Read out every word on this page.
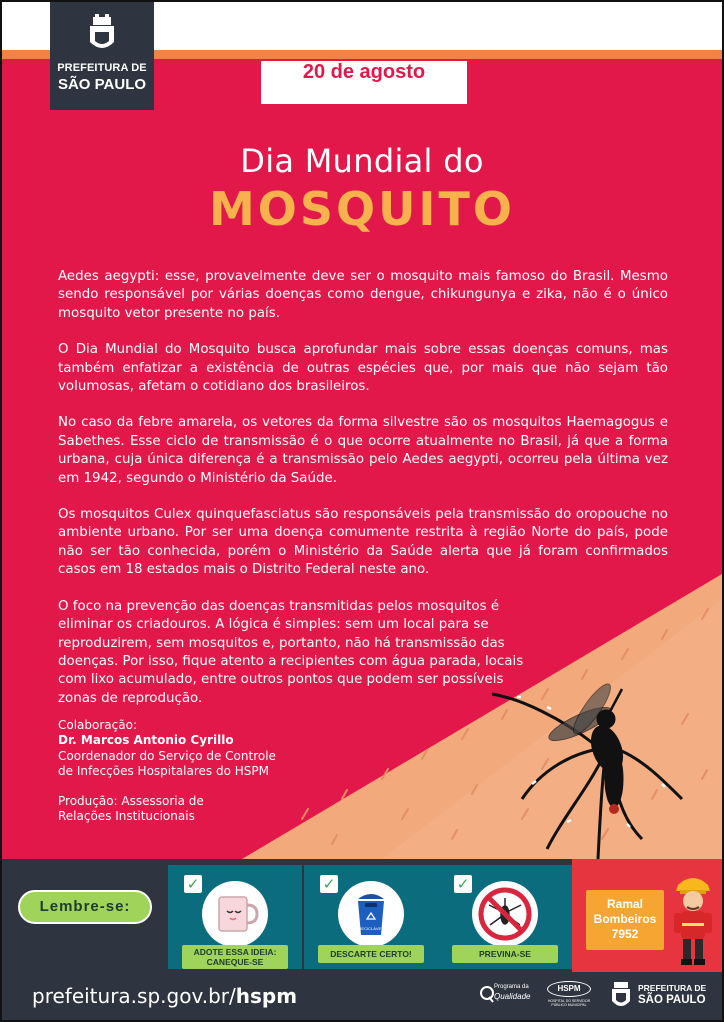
PREFEITURA DE
SÃO PAULO
20 de agosto
Dia Mundial do
MOSQUITO

Aedes aegypti: esse, provavelmente deve ser o mosquito mais famoso do Brasil. Mesmo sendo responsável por várias doenças como dengue, chikungunya e zika, não é o único mosquito vetor presente no país.

O Dia Mundial do Mosquito busca aprofundar mais sobre essas doenças comuns, mas também enfatizar a existência de outras espécies que, por mais que não sejam tão volumosas, afetam o cotidiano dos brasileiros.

No caso da febre amarela, os vetores da forma silvestre são os mosquitos Haemagogus e Sabethes. Esse ciclo de transmissão é o que ocorre atualmente no Brasil, já que a forma urbana, cuja única diferença é a transmissão pelo Aedes aegypti, ocorreu pela última vez em 1942, segundo o Ministério da Saúde.

Os mosquitos Culex quinquefasciatus são responsáveis pela transmissão do oropouche no ambiente urbano. Por ser uma doença comumente restrita à região Norte do país, pode não ser tão conhecida, porém o Ministério da Saúde alerta que já foram confirmados casos em 18 estados mais o Distrito Federal neste ano.

O foco na prevenção das doenças transmitidas pelos mosquitos é eliminar os criadouros. A lógica é simples: sem um local para se reproduzirem, sem mosquitos e, portanto, não há transmissão das doenças. Por isso, fique atento a recipientes com água parada, locais com lixo acumulado, entre outros pontos que podem ser possíveis zonas de reprodução.

Colaboração:
Dr. Marcos Antonio Cyrillo
Coordenador do Serviço de Controle
de Infecções Hospitalares do HSPM
Produção: Assessoria de
Relações Institucionais
Lembre-se:
✓
ADOTE ESSA IDEIA:
CANEQUE-SE
✓
RECICLÁVEL
DESCARTE CERTO!
✓
PREVINA-SE
Ramal
Bombeiros
7952
prefeitura.sp.gov.br/hspm	Programa da
Qualidade
HSPM
HOSPITAL DO SERVIDOR
PÚBLICO MUNICIPAL
PREFEITURA DE
SÃO PAULO
